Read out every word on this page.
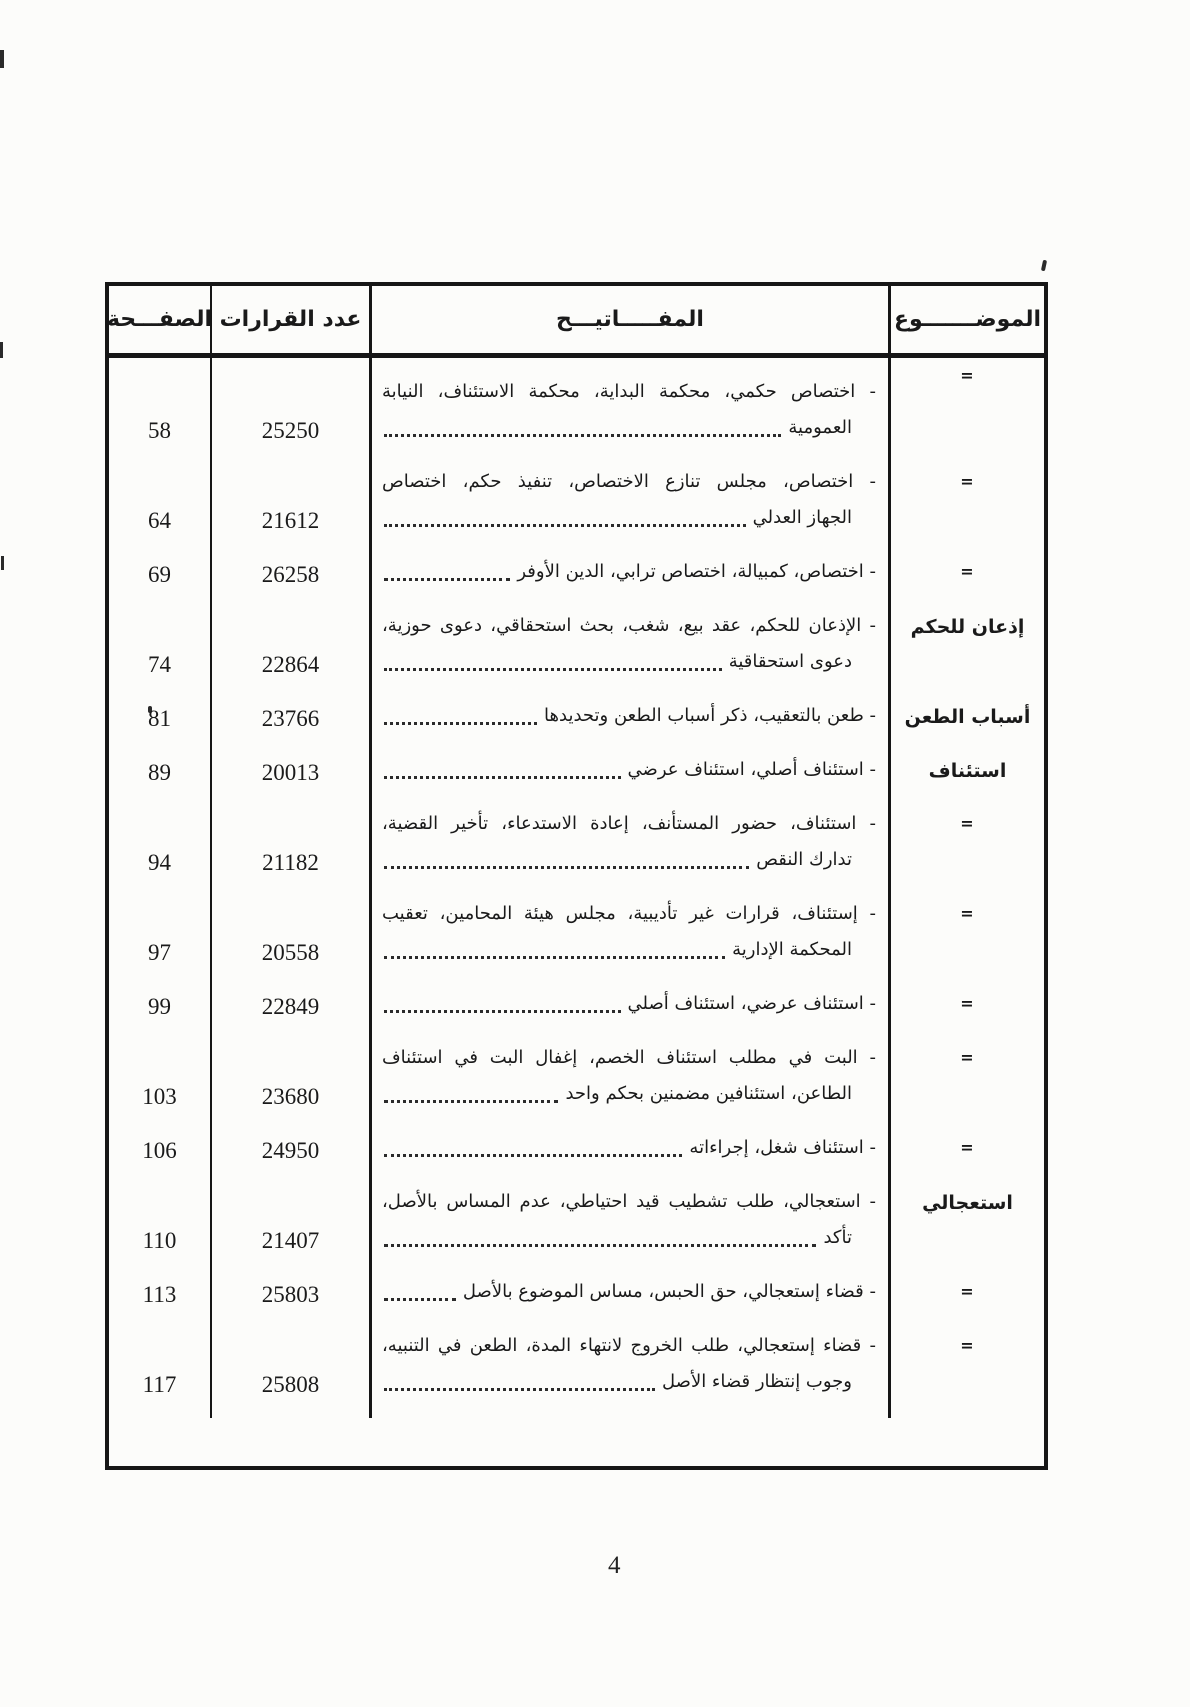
الموضـــــــوع
المفـــــاتيـــح
عدد القرارات
الصفـــحة
=
- اختصاص حكمي، محكمة البداية، محكمة الاستئناف، النيابة
العمومية
25250
58
=
- اختصاص، مجلس تنازع الاختصاص، تنفيذ حكم، اختصاص
الجهاز العدلي
21612
64
=
- اختصاص، كمبيالة، اختصاص ترابي، الدين الأوفر
26258
69
إذعان للحكم
- الإذعان للحكم، عقد بيع، شغب، بحث استحقاقي، دعوى حوزية،
دعوى استحقاقية
22864
74
أسباب الطعن
- طعن بالتعقيب، ذكر أسباب الطعن وتحديدها
23766
81
استئناف
- استئناف أصلي، استئناف عرضي
20013
89
=
- استئناف، حضور المستأنف، إعادة الاستدعاء، تأخير القضية،
تدارك النقص
21182
94
=
- إستئناف، قرارات غير تأديبية، مجلس هيئة المحامين، تعقيب
المحكمة الإدارية
20558
97
=
- استئناف عرضي، استئناف أصلي
22849
99
=
- البت في مطلب استئناف الخصم، إغفال البت في استئناف
الطاعن، استئنافين مضمنين بحكم واحد
23680
103
=
- استئناف شغل، إجراءاته
24950
106
استعجالي
- استعجالي، طلب تشطيب قيد احتياطي، عدم المساس بالأصل،
تأكد
21407
110
=
- قضاء إستعجالي، حق الحبس، مساس الموضوع بالأصل
25803
113
=
- قضاء إستعجالي، طلب الخروج لانتهاء المدة، الطعن في التنبيه،
وجوب إنتظار قضاء الأصل
25808
117
4
